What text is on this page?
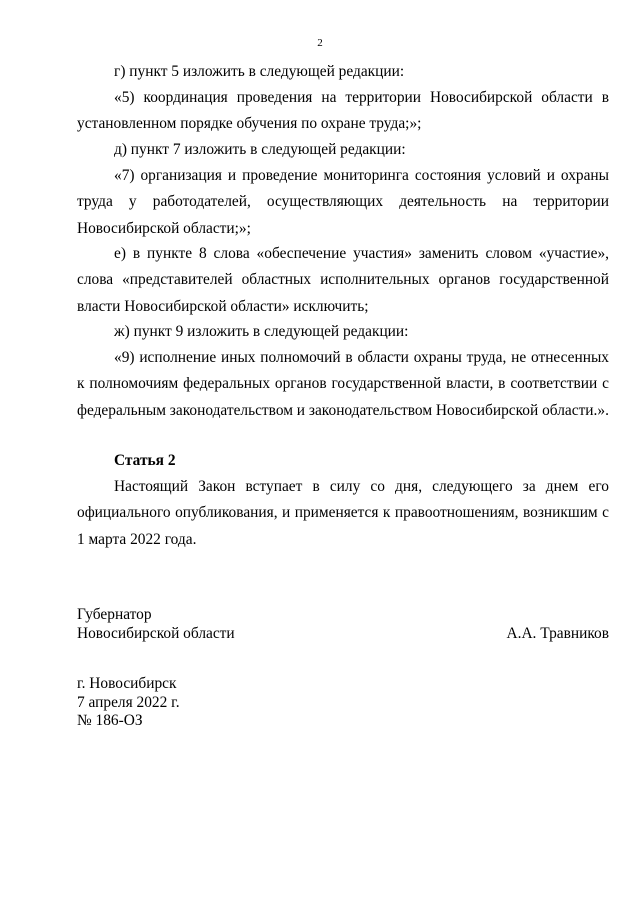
2

г) пункт 5 изложить в следующей редакции:

«5) координация проведения на территории Новосибирской области в установленном порядке обучения по охране труда;»;

д) пункт 7 изложить в следующей редакции:

«7) организация и проведение мониторинга состояния условий и охраны труда у работодателей, осуществляющих деятельность на территории Новосибирской области;»;

е) в пункте 8 слова «обеспечение участия» заменить словом «участие», слова «представителей областных исполнительных органов государственной власти Новосибирской области» исключить;

ж) пункт 9 изложить в следующей редакции:

«9) исполнение иных полномочий в области охраны труда, не отнесенных к полномочиям федеральных органов государственной власти, в соответствии с федеральным законодательством и законодательством Новосибирской области.».

Статья 2

Настоящий Закон вступает в силу со дня, следующего за днем его официального опубликования, и применяется к правоотношениям, возникшим с 1 марта 2022 года.

Губернатор
Новосибирской области	А.А. Травников
г. Новосибирск
7 апреля 2022 г.
№ 186-ОЗ
